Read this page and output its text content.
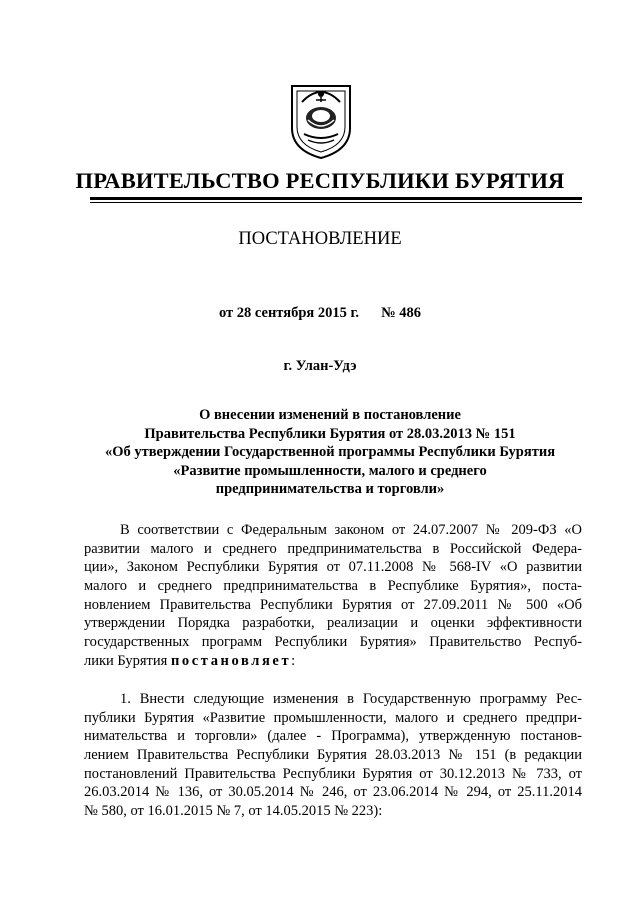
ПРАВИТЕЛЬСТВО РЕСПУБЛИКИ БУРЯТИЯ
ПОСТАНОВЛЕНИЕ
от 28 сентября 2015 г. № 486
г. Улан-Удэ
О внесении изменений в постановление
Правительства Республики Бурятия от 28.03.2013 № 151
«Об утверждении Государственной программы Республики Бурятия
«Развитие промышленности, малого и среднего
предпринимательства и торговли»
В соответствии с Федеральным законом от 24.07.2007 № 209-ФЗ «О
развитии малого и среднего предпринимательства в Российской Федера-
ции», Законом Республики Бурятия от 07.11.2008 № 568-IV «О развитии
малого и среднего предпринимательства в Республике Бурятия», поста-
новлением Правительства Республики Бурятия от 27.09.2011 № 500 «Об
утверждении Порядка разработки, реализации и оценки эффективности
государственных программ Республики Бурятия» Правительство Респуб-
лики Бурятия постановляет:
1. Внести следующие изменения в Государственную программу Рес-
публики Бурятия «Развитие промышленности, малого и среднего предпри-
нимательства и торговли» (далее - Программа), утвержденную постанов-
лением Правительства Республики Бурятия 28.03.2013 № 151 (в редакции
постановлений Правительства Республики Бурятия от 30.12.2013 № 733, от
26.03.2014 № 136, от 30.05.2014 № 246, от 23.06.2014 № 294, от 25.11.2014
№ 580, от 16.01.2015 № 7, от 14.05.2015 № 223):
